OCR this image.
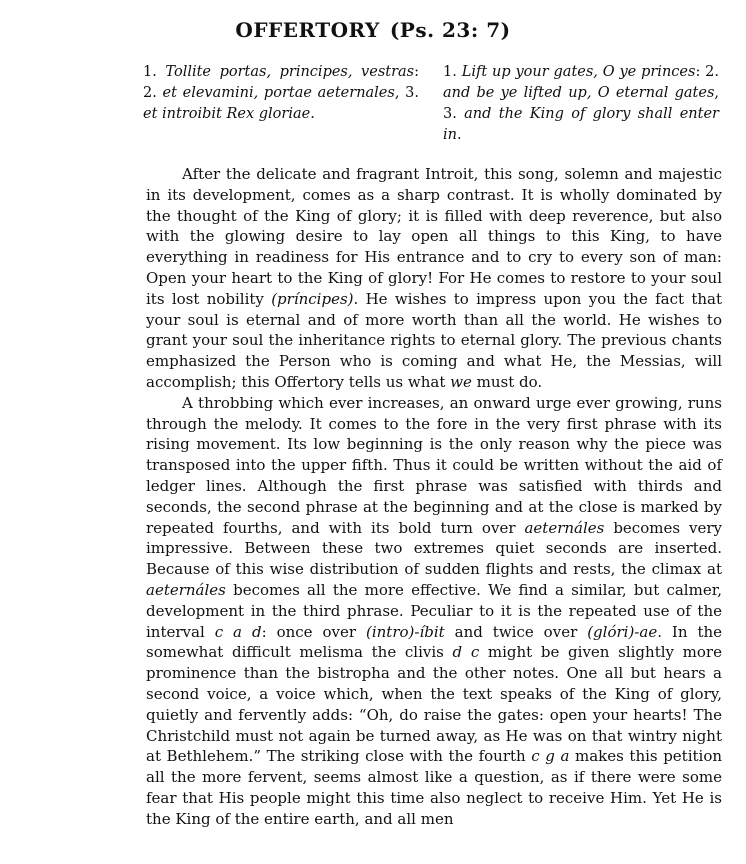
OFFERTORY (Ps. 23: 7)
1. Tollite portas, principes, vestras: 2. et elevamini, portae aeternales, 3. et introibit Rex gloriae.
1. Lift up your gates, O ye princes: 2. and be ye lifted up, O eternal gates, 3. and the King of glory shall enter in.

After the delicate and fragrant Introit, this song, solemn and majestic in its development, comes as a sharp contrast. It is wholly dominated by the thought of the King of glory; it is filled with deep reverence, but also with the glowing desire to lay open all things to this King, to have everything in readiness for His entrance and to cry to every son of man: Open your heart to the King of glory! For He comes to restore to your soul its lost nobility (príncipes). He wishes to impress upon you the fact that your soul is eternal and of more worth than all the world. He wishes to grant your soul the inheritance rights to eternal glory. The previous chants emphasized the Person who is coming and what He, the Messias, will accomplish; this Offertory tells us what we must do.

A throbbing which ever increases, an onward urge ever growing, runs through the melody. It comes to the fore in the very first phrase with its rising movement. Its low beginning is the only reason why the piece was transposed into the upper fifth. Thus it could be written without the aid of ledger lines. Although the first phrase was satisfied with thirds and seconds, the second phrase at the beginning and at the close is marked by repeated fourths, and with its bold turn over aeternáles becomes very impressive. Between these two extremes quiet seconds are inserted. Because of this wise distribution of sudden flights and rests, the climax at aeternáles becomes all the more effective. We find a similar, but calmer, development in the third phrase. Peculiar to it is the repeated use of the interval c a d: once over (intro)-íbit and twice over (glóri)-ae. In the somewhat difficult melisma the clivis d c might be given slightly more prominence than the bistropha and the other notes. One all but hears a second voice, a voice which, when the text speaks of the King of glory, quietly and fervently adds: “Oh, do raise the gates: open your hearts! The Christchild must not again be turned away, as He was on that wintry night at Bethlehem.” The striking close with the fourth c g a makes this petition all the more fervent, seems almost like a question, as if there were some fear that His people might this time also neglect to receive Him. Yet He is the King of the entire earth, and all men
